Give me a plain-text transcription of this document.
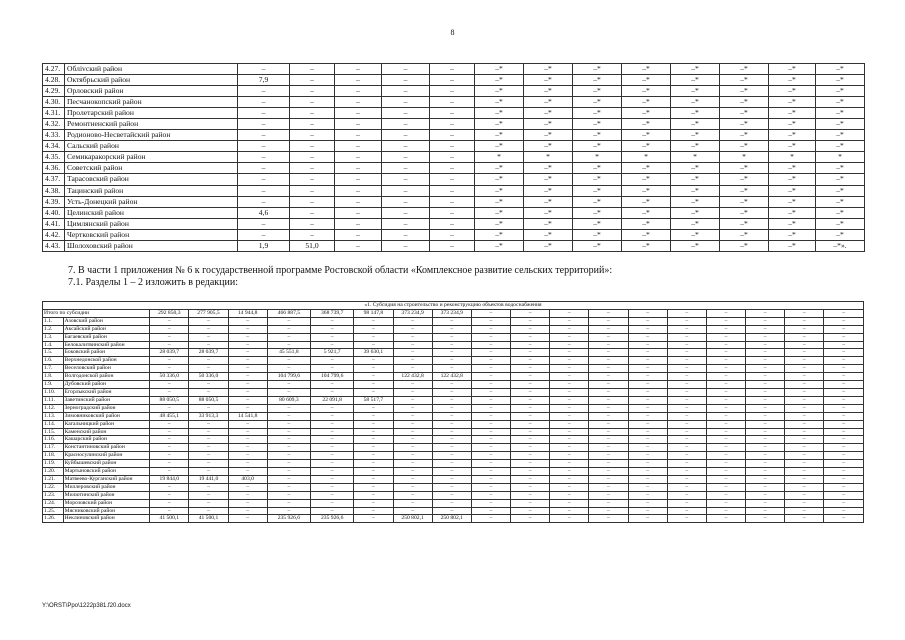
8
4.27.	Облivский район	–	–	–	–	–	–*	–*	–*	–*	–*	–*	–*	–*
4.28.	Октябрьский район	7,9	–	–	–	–	–*	–*	–*	–*	–*	–*	–*	–*
4.29.	Орловский район	–	–	–	–	–	–*	–*	–*	–*	–*	–*	–*	–*
4.30.	Песчанокопский район	–	–	–	–	–	–*	–*	–*	–*	–*	–*	–*	–*
4.31.	Пролетарский район	–	–	–	–	–	–*	–*	–*	–*	–*	–*	–*	–*
4.32.	Ремонтненский район	–	–	–	–	–	–*	–*	–*	–*	–*	–*	–*	–*
4.33.	Родионово-Несветайский район	–	–	–	–	–	–*	–*	–*	–*	–*	–*	–*	–*
4.34.	Сальский район	–	–	–	–	–	–*	–*	–*	–*	–*	–*	–*	–*
4.35.	Семикаракорский район	–	–	–	–	–	*	*	*	*	*	*	*	*
4.36.	Советский район	–	–	–	–	–	–*	–*	–*	–*	–*	–*	–*	–*
4.37.	Тарасовский район	–	–	–	–	–	–*	–*	–*	–*	–*	–*	–*	–*
4.38.	Тацинский район	–	–	–	–	–	–*	–*	–*	–*	–*	–*	–*	–*
4.39.	Усть-Донецкий район	–	–	–	–	–	–*	–*	–*	–*	–*	–*	–*	–*
4.40.	Целинский район	4,6	–	–	–	–	–*	–*	–*	–*	–*	–*	–*	–*
4.41.	Цимлянский район	–	–	–	–	–	–*	–*	–*	–*	–*	–*	–*	–*
4.42.	Чертковский район	–	–	–	–	–	–*	–*	–*	–*	–*	–*	–*	–*
4.43.	Шолоховский район	1,9	51,0	–	–	–	–*	–*	–*	–*	–*	–*	–*	–*».
7. В части 1 приложения № 6 к государственной программе Ростовской области «Комплексное развитие сельских территорий»:
7.1. Разделы 1 – 2 изложить в редакции:
«1. Субсидия на строительство и реконструкцию объектов водоснабжения																			
Итого по субсидии		292 850,3	277 905,5	14 944,8	466 887,5	368 739,7	98 147,8	373 234,9	373 234,9	–	–	–	–	–	–	–	–	–	–
1.1.	Азовский район	–	–	–	–	–	–	–	–	–	–	–	–	–	–	–	–	–	–
1.2.	Аксайский район	–	–	–	–	–	–	–	–	–	–	–	–	–	–	–	–	–	–
1.3.	Багаевский район	–	–	–	–	–	–	–	–	–	–	–	–	–	–	–	–	–	–
1.4.	Белокалитвинский район	–	–	–	–	–	–	–	–	–	–	–	–	–	–	–	–	–	–
1.5.	Боковский район	28 039,7	28 039,7	–	45 551,8	5 921,7	39 630,1	–	–	–	–	–	–	–	–	–	–	–	–
1.6.	Верхнедонской район	–	–	–	–	–	–	–	–	–	–	–	–	–	–	–	–	–	–
1.7.	Веселовский район	–	–	–	–	–	–	–	–	–	–	–	–	–	–	–	–	–	–
1.8.	Волгодонской район	50 336,0	50 336,0	–	104 799,6	104 799,6	–	122 432,8	122 432,8	–	–	–	–	–	–	–	–	–	–
1.9.	Дубовский район	–	–	–	–	–	–	–	–	–	–	–	–	–	–	–	–	–	–
1.10.	Егорлыкский район	–	–	–	–	–	–	–	–	–	–	–	–	–	–	–	–	–	–
1.11.	Заветинский район	88 050,5	88 050,5	–	80 609,3	22 091,8	58 517,7	–	–	–	–	–	–	–	–	–	–	–	–
1.12.	Зерноградский район	–	–	–	–	–	–	–	–	–	–	–	–	–	–	–	–	–	–
1.13.	Зимовниковский район	48 455,1	33 913,3	14 541,8	–	–	–	–	–	–	–	–	–	–	–	–	–	–	–
1.14.	Кагальницкий район	–	–	–	–	–	–	–	–	–	–	–	–	–	–	–	–	–	–
1.15.	Каменский район	–	–	–	–	–	–	–	–	–	–	–	–	–	–	–	–	–	–
1.16.	Кашарский район	–	–	–	–	–	–	–	–	–	–	–	–	–	–	–	–	–	–
1.17.	Константиновский район	–	–	–	–	–	–	–	–	–	–	–	–	–	–	–	–	–	–
1.18.	Красносулинский район	–	–	–	–	–	–	–	–	–	–	–	–	–	–	–	–	–	–
1.19.	Куйбышевский район	–	–	–	–	–	–	–	–	–	–	–	–	–	–	–	–	–	–
1.20.	Мартыновский район	–	–	–	–	–	–	–	–	–	–	–	–	–	–	–	–	–	–
1.21.	Матвеево-Курганский район	19 844,0	19 441,0	403,0	–	–	–	–	–	–	–	–	–	–	–	–	–	–	–
1.22.	Миллеровский район	–	–	–	–	–	–	–	–	–	–	–	–	–	–	–	–	–	–
1.23.	Милютинский район	–	–	–	–	–	–	–	–	–	–	–	–	–	–	–	–	–	–
1.24.	Морозовский район	–	–	–	–	–	–	–	–	–	–	–	–	–	–	–	–	–	–
1.25.	Мясниковский район	–	–	–	–	–	–	–	–	–	–	–	–	–	–	–	–	–	–
1.26.	Неклиновский район	41 500,1	41 500,1	–	235 926,6	235 926,6	–	250 802,1	250 802,1	–	–	–	–	–	–	–	–	–	–
Y:\ORST\Ppo\1222p381.f20.docx
